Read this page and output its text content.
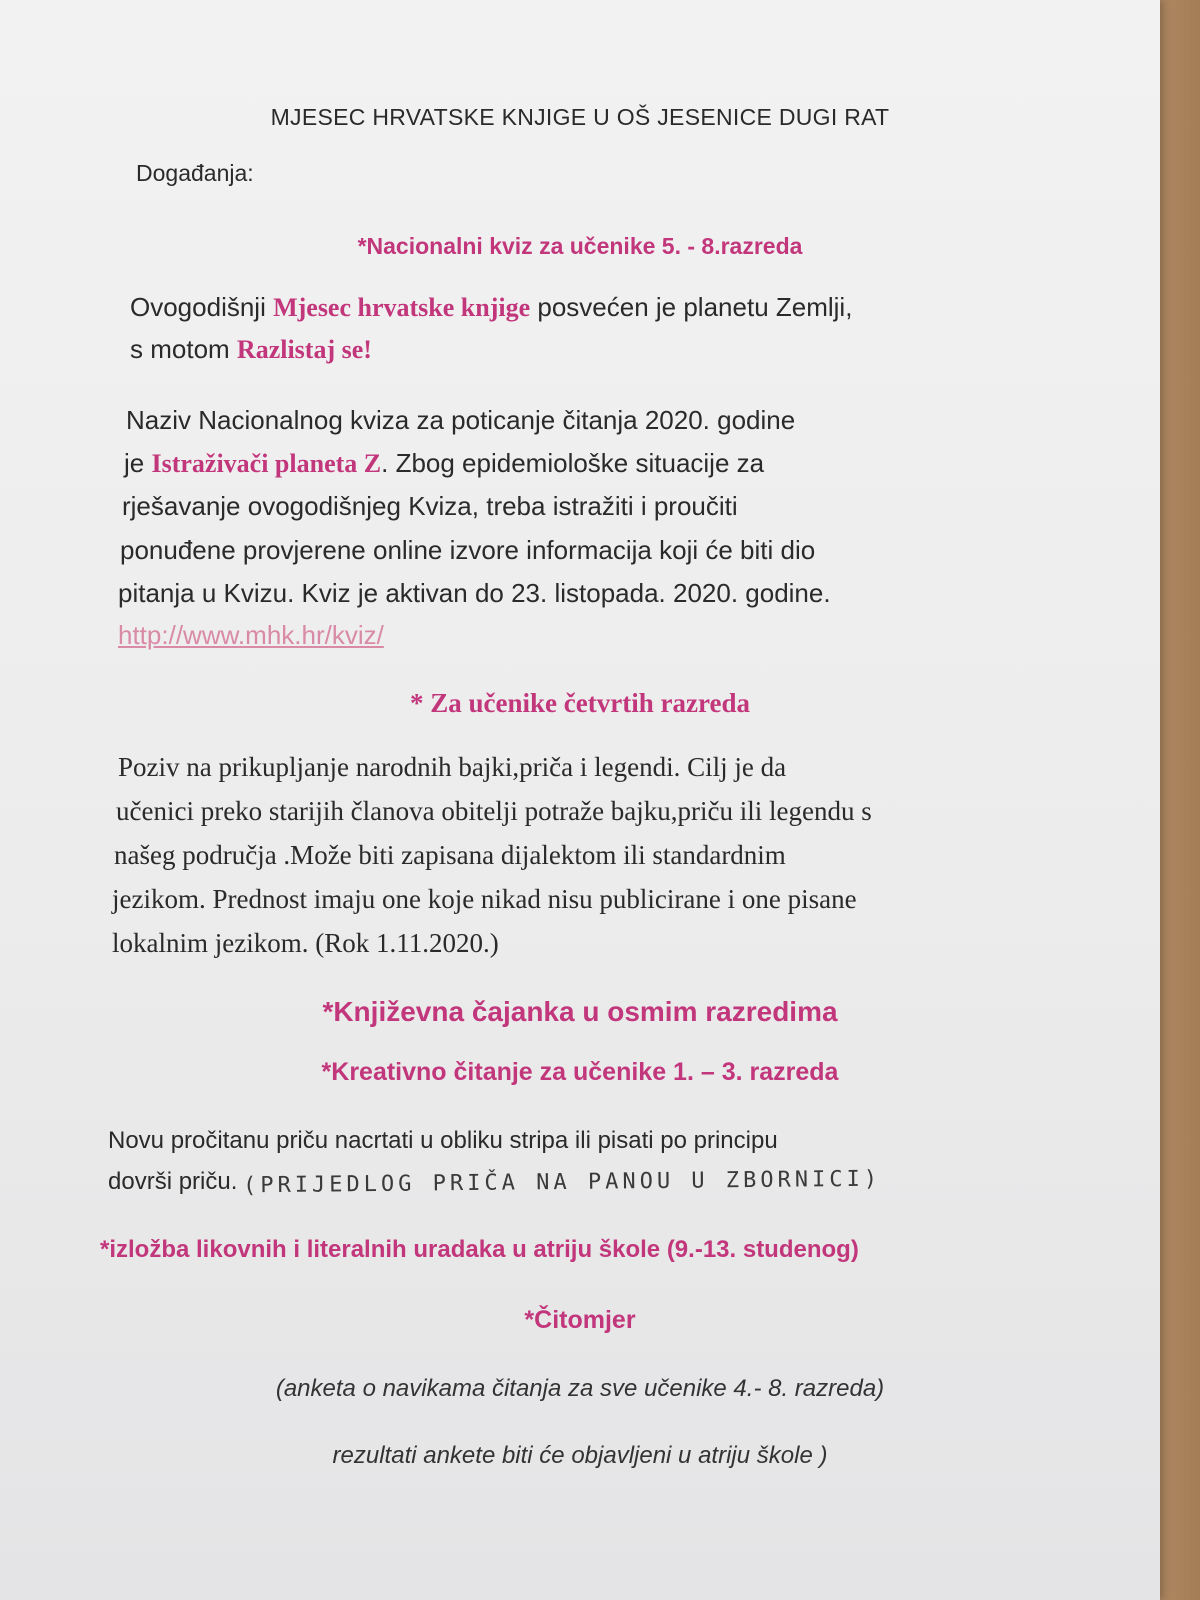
MJESEC HRVATSKE KNJIGE U OŠ JESENICE DUGI RAT
Događanja:
*Nacionalni kviz za učenike 5. - 8.razreda
Ovogodišnji Mjesec hrvatske knjige posvećen je planetu Zemlji,
s motom Razlistaj se!
Naziv Nacionalnog kviza za poticanje čitanja 2020. godine
je Istraživači planeta Z. Zbog epidemiološke situacije za
rješavanje ovogodišnjeg Kviza, treba istražiti i proučiti
ponuđene provjerene online izvore informacija koji će biti dio
pitanja u Kvizu. Kviz je aktivan do 23. listopada. 2020. godine.
http://www.mhk.hr/kviz/
* Za učenike četvrtih razreda
Poziv na prikupljanje narodnih bajki,priča i legendi. Cilj je da
učenici preko starijih članova obitelji potraže bajku,priču ili legendu s
našeg područja .Može biti zapisana dijalektom ili standardnim
jezikom. Prednost imaju one koje nikad nisu publicirane i one pisane
lokalnim jezikom. (Rok 1.11.2020.)
*Književna čajanka u osmim razredima
*Kreativno čitanje za učenike 1. – 3. razreda
Novu pročitanu priču nacrtati u obliku stripa ili pisati po principu
dovrši priču. (PRIJEDLOG PRIČA NA PANOU U ZBORNICI)
*izložba likovnih i literalnih uradaka u atriju škole (9.-13. studenog)
*Čitomjer
(anketa o navikama čitanja za sve učenike 4.- 8. razreda)
rezultati ankete biti će objavljeni u atriju škole )
